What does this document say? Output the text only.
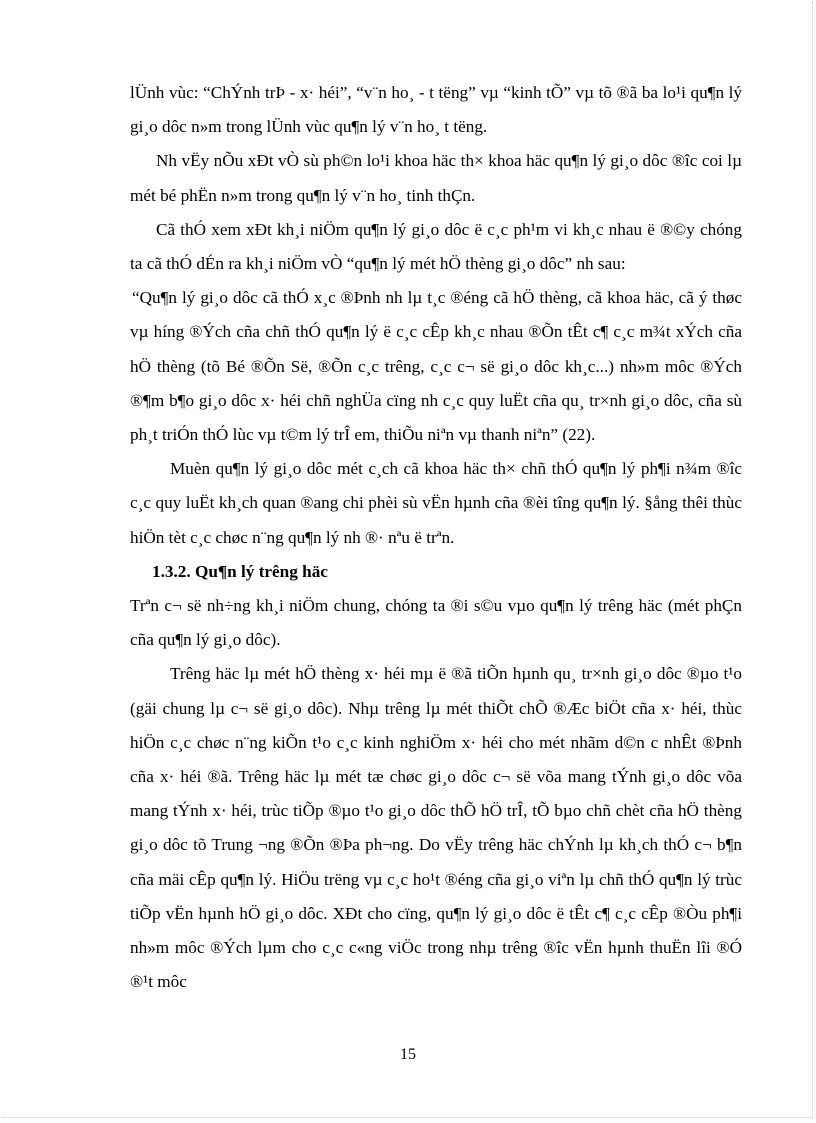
lÜnh vùc: “ChÝnh trÞ - x· héi”, “v¨n ho¸ - t tëng” vµ “kinh tÕ” vµ tõ ®ã ba lo¹i qu¶n lý gi¸o dôc n»m trong lÜnh vùc qu¶n lý v¨n ho¸ t tëng.

Nh vËy nÕu xÐt vÒ sù ph©n lo¹i khoa häc th× khoa häc qu¶n lý gi¸o dôc ®îc coi lµ mét bé phËn n»m trong qu¶n lý v¨n ho¸ tinh thÇn.

Cã thÓ xem xÐt kh¸i niÖm qu¶n lý gi¸o dôc ë c¸c ph¹m vi kh¸c nhau ë ®©y chóng ta cã thÓ dÉn ra kh¸i niÖm vÒ “qu¶n lý mét hÖ thèng gi¸o dôc” nh sau:

“Qu¶n lý gi¸o dôc cã thÓ x¸c ®Þnh nh lµ t¸c ®éng cã hÖ thèng, cã khoa häc, cã ý thøc vµ híng ®Ých cña chñ thÓ qu¶n lý ë c¸c cÊp kh¸c nhau ®Õn tÊt c¶ c¸c m¾t xÝch cña hÖ thèng (tõ Bé ®Õn Së, ®Õn c¸c trêng, c¸c c¬ së gi¸o dôc kh¸c...) nh»m môc ®Ých ®¶m b¶o gi¸o dôc x· héi chñ nghÜa cïng nh c¸c quy luËt cña qu¸ tr×nh gi¸o dôc, cña sù ph¸t triÓn thÓ lùc vµ t©m lý trÎ em, thiÕu niªn vµ thanh niªn” (22).

Muèn qu¶n lý gi¸o dôc mét c¸ch cã khoa häc th× chñ thÓ qu¶n lý ph¶i n¾m ®îc c¸c quy luËt kh¸ch quan ®ang chi phèi sù vËn hµnh cña ®èi tîng qu¶n lý. §ång thêi thùc hiÖn tèt c¸c chøc n¨ng qu¶n lý nh ®· nªu ë trªn.

1.3.2. Qu¶n lý trêng häc

Trªn c¬ së nh÷ng kh¸i niÖm chung, chóng ta ®i s©u vµo qu¶n lý trêng häc (mét phÇn cña qu¶n lý gi¸o dôc).

Trêng häc lµ mét hÖ thèng x· héi mµ ë ®ã tiÕn hµnh qu¸ tr×nh gi¸o dôc ®µo t¹o (gäi chung lµ c¬ së gi¸o dôc). Nhµ trêng lµ mét thiÕt chÕ ®Æc biÖt cña x· héi, thùc hiÖn c¸c chøc n¨ng kiÕn t¹o c¸c kinh nghiÖm x· héi cho mét nhãm d©n c nhÊt ®Þnh cña x· héi ®ã. Trêng häc lµ mét tæ chøc gi¸o dôc c¬ së võa mang tÝnh gi¸o dôc võa mang tÝnh x· héi, trùc tiÕp ®µo t¹o gi¸o dôc thÕ hÖ trÎ, tÕ bµo chñ chèt cña hÖ thèng gi¸o dôc tõ Trung ¬ng ®Õn ®Þa ph¬ng. Do vËy trêng häc chÝnh lµ kh¸ch thÓ c¬ b¶n cña mäi cÊp qu¶n lý. HiÖu trëng vµ c¸c ho¹t ®éng cña gi¸o viªn lµ chñ thÓ qu¶n lý trùc tiÕp vËn hµnh hÖ gi¸o dôc. XÐt cho cïng, qu¶n lý gi¸o dôc ë tÊt c¶ c¸c cÊp ®Òu ph¶i nh»m môc ®Ých lµm cho c¸c c«ng viÖc trong nhµ trêng ®îc vËn hµnh thuËn lîi ®Ó ®¹t môc

15
